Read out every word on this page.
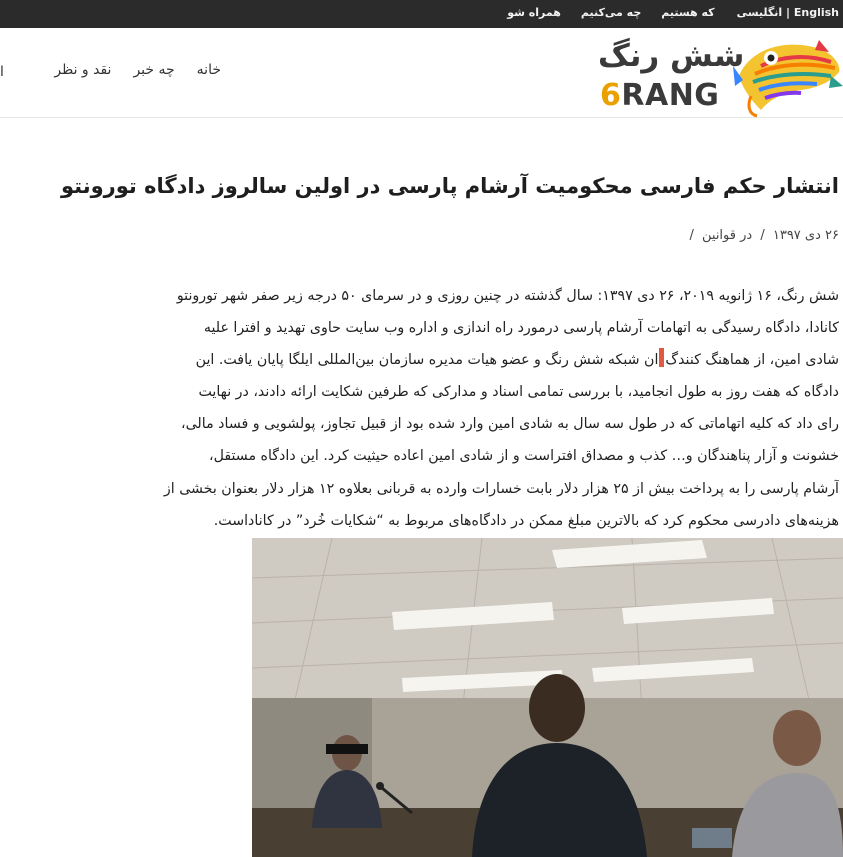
English | انگلیسی
که هستیم
چه می‌کنیم
همراه شو
شش رنگ
6RANG
خانه
چه خبر
نقد و نظر
ا
انتشار حکم فارسی محکومیت آرشام پارسی در اولین سالروز دادگاه تورونتو
۲۶ دی ۱۳۹۷ / در قوانین /

شش رنگ، ۱۶ ژانویه ۲۰۱۹، ۲۶ دی ۱۳۹۷: سال گذشته در چنین روزی و در سرمای ۵۰ درجه زیر صفر شهر تورونتو

کانادا، دادگاه رسیدگی به اتهامات آرشام پارسی درمورد راه اندازی و اداره وب سایت حاوی تهدید و افترا علیه

شادی امین، از هماهنگ کنندگان شبکه شش رنگ و عضو هیات مدیره سازمان بین‌المللی ایلگا پایان یافت. این

دادگاه که هفت روز به طول انجامید، با بررسی تمامی اسناد و مدارکی که طرفین شکایت ارائه دادند، در نهایت

رای داد که کلیه اتهاماتی که در طول سه سال به شادی امین وارد شده بود از قبیل تجاوز، پولشویی و فساد مالی،

خشونت و آزار پناهندگان و… کذب و مصداق افتراست و از شادی امین اعاده حیثیت کرد. این دادگاه مستقل،

آرشام پارسی را به پرداخت بیش از ۲۵ هزار دلار بابت خسارات وارده به قربانی بعلاوه ۱۲ هزار دلار بعنوان بخشی از

هزینه‌های دادرسی محکوم کرد که بالاترین مبلغ ممکن در دادگاه‌های مربوط به “شکایات خُرد” در کاناداست.
